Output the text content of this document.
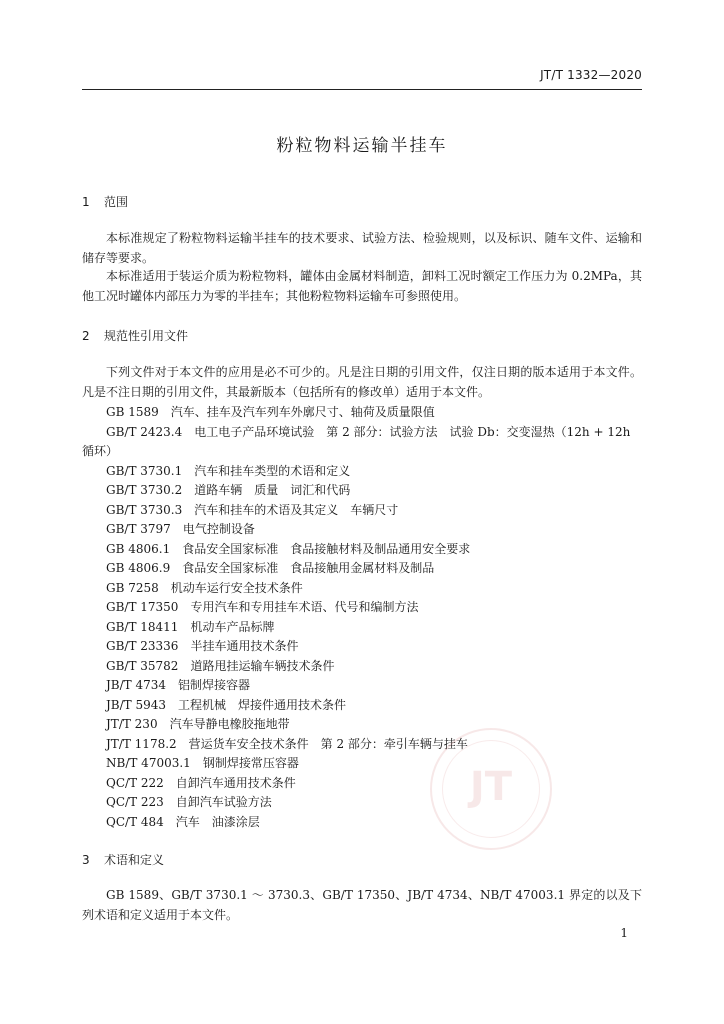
JT/T 1332—2020
粉粒物料运输半挂车
1 范围

本标准规定了粉粒物料运输半挂车的技术要求、试验方法、检验规则，以及标识、随车文件、运输和储存等要求。

本标准适用于装运介质为粉粒物料，罐体由金属材料制造，卸料工况时额定工作压力为 0.2MPa，其他工况时罐体内部压力为零的半挂车；其他粉粒物料运输车可参照使用。

2 规范性引用文件

下列文件对于本文件的应用是必不可少的。凡是注日期的引用文件，仅注日期的版本适用于本文件。凡是不注日期的引用文件，其最新版本（包括所有的修改单）适用于本文件。

GB 1589 汽车、挂车及汽车列车外廓尺寸、轴荷及质量限值
GB/T 2423.4 电工电子产品环境试验　第 2 部分：试验方法　试验 Db：交变湿热（12h + 12h 循环）
GB/T 3730.1 汽车和挂车类型的术语和定义
GB/T 3730.2 道路车辆　质量　词汇和代码
GB/T 3730.3 汽车和挂车的术语及其定义　车辆尺寸
GB/T 3797 电气控制设备
GB 4806.1 食品安全国家标准　食品接触材料及制品通用安全要求
GB 4806.9 食品安全国家标准　食品接触用金属材料及制品
GB 7258 机动车运行安全技术条件
GB/T 17350 专用汽车和专用挂车术语、代号和编制方法
GB/T 18411 机动车产品标牌
GB/T 23336 半挂车通用技术条件
GB/T 35782 道路甩挂运输车辆技术条件
JB/T 4734 铝制焊接容器
JB/T 5943 工程机械　焊接件通用技术条件
JT/T 230 汽车导静电橡胶拖地带
JT/T 1178.2 营运货车安全技术条件　第 2 部分：牵引车辆与挂车
NB/T 47003.1 钢制焊接常压容器
QC/T 222 自卸汽车通用技术条件
QC/T 223 自卸汽车试验方法
QC/T 484 汽车　油漆涂层
JT
3 术语和定义

GB 1589、GB/T 3730.1 ～ 3730.3、GB/T 17350、JB/T 4734、NB/T 47003.1 界定的以及下列术语和定义适用于本文件。

1
